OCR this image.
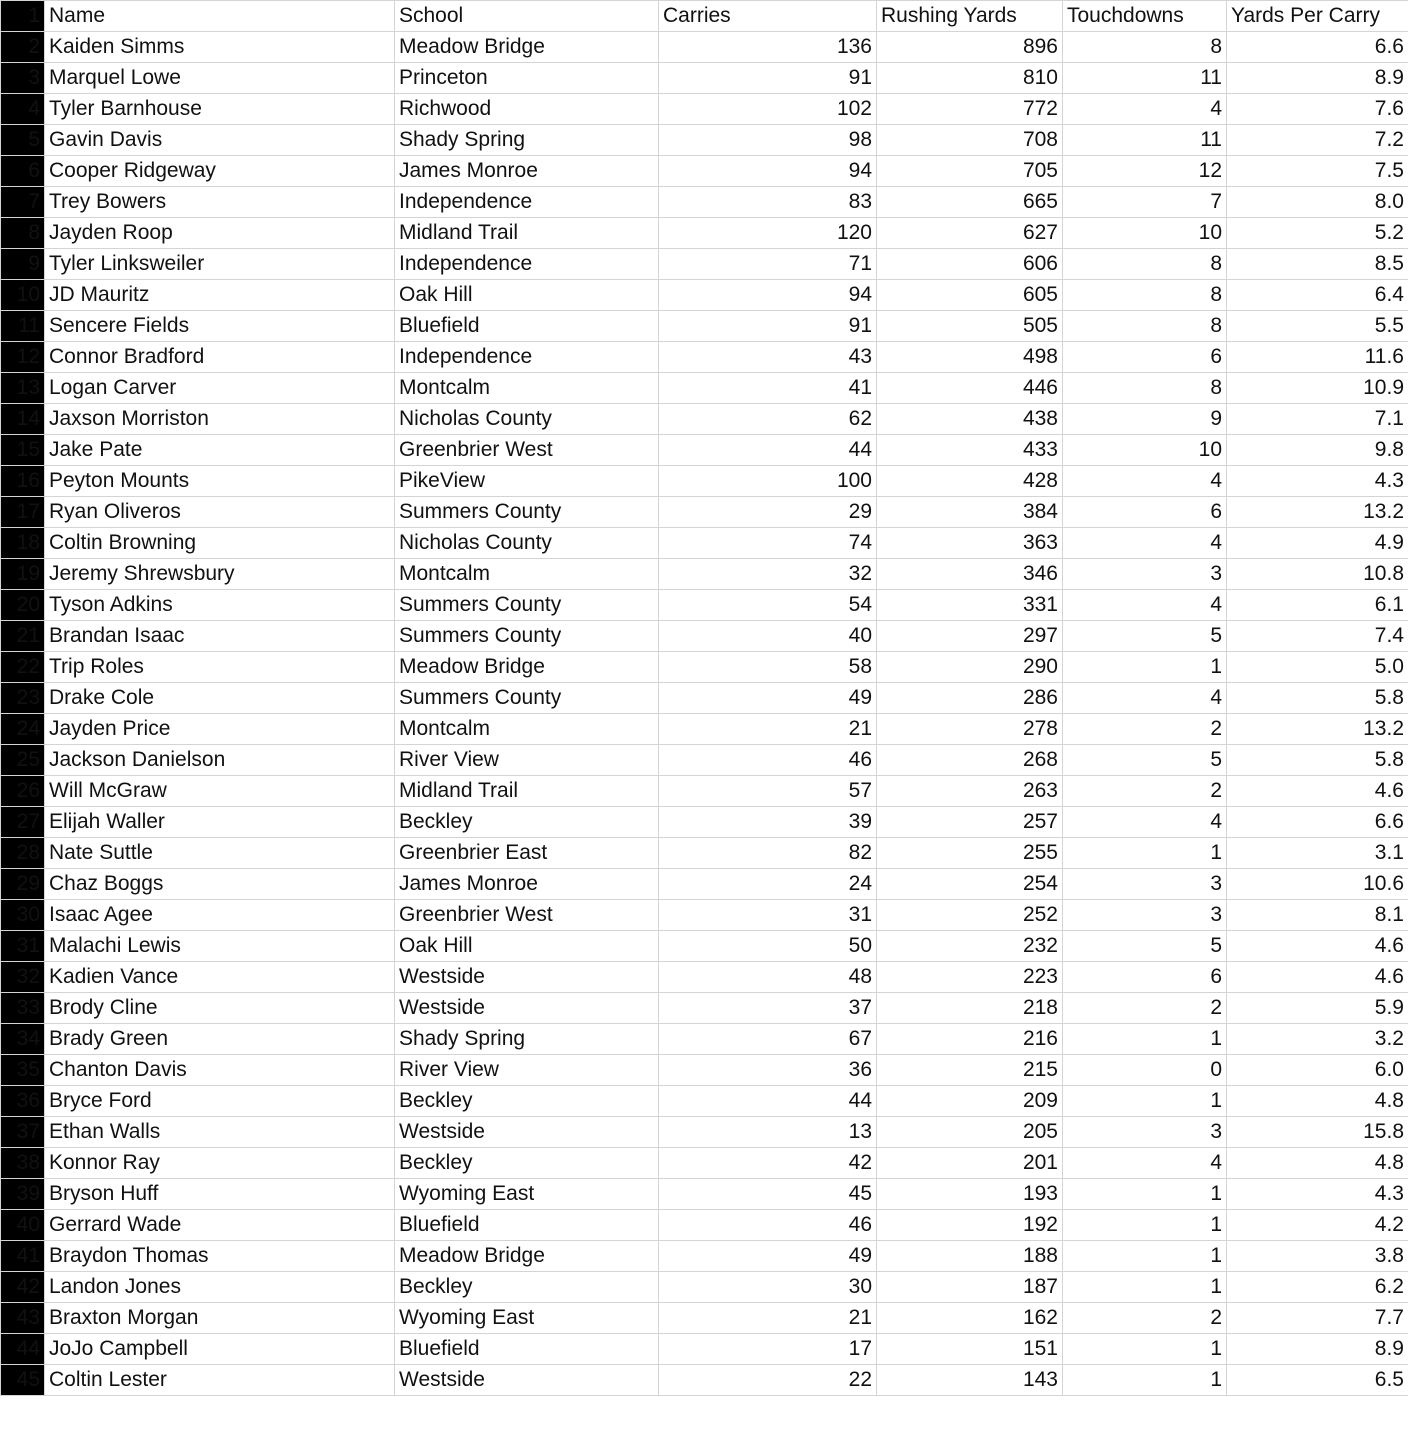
1	Name	School	Carries	Rushing Yards	Touchdowns	Yards Per Carry
2	Kaiden Simms	Meadow Bridge	136	896	8	6.6
3	Marquel Lowe	Princeton	91	810	11	8.9
4	Tyler Barnhouse	Richwood	102	772	4	7.6
5	Gavin Davis	Shady Spring	98	708	11	7.2
6	Cooper Ridgeway	James Monroe	94	705	12	7.5
7	Trey Bowers	Independence	83	665	7	8.0
8	Jayden Roop	Midland Trail	120	627	10	5.2
9	Tyler Linksweiler	Independence	71	606	8	8.5
10	JD Mauritz	Oak Hill	94	605	8	6.4
11	Sencere Fields	Bluefield	91	505	8	5.5
12	Connor Bradford	Independence	43	498	6	11.6
13	Logan Carver	Montcalm	41	446	8	10.9
14	Jaxson Morriston	Nicholas County	62	438	9	7.1
15	Jake Pate	Greenbrier West	44	433	10	9.8
16	Peyton Mounts	PikeView	100	428	4	4.3
17	Ryan Oliveros	Summers County	29	384	6	13.2
18	Coltin Browning	Nicholas County	74	363	4	4.9
19	Jeremy Shrewsbury	Montcalm	32	346	3	10.8
20	Tyson Adkins	Summers County	54	331	4	6.1
21	Brandan Isaac	Summers County	40	297	5	7.4
22	Trip Roles	Meadow Bridge	58	290	1	5.0
23	Drake Cole	Summers County	49	286	4	5.8
24	Jayden Price	Montcalm	21	278	2	13.2
25	Jackson Danielson	River View	46	268	5	5.8
26	Will McGraw	Midland Trail	57	263	2	4.6
27	Elijah Waller	Beckley	39	257	4	6.6
28	Nate Suttle	Greenbrier East	82	255	1	3.1
29	Chaz Boggs	James Monroe	24	254	3	10.6
30	Isaac Agee	Greenbrier West	31	252	3	8.1
31	Malachi Lewis	Oak Hill	50	232	5	4.6
32	Kadien Vance	Westside	48	223	6	4.6
33	Brody Cline	Westside	37	218	2	5.9
34	Brady Green	Shady Spring	67	216	1	3.2
35	Chanton Davis	River View	36	215	0	6.0
36	Bryce Ford	Beckley	44	209	1	4.8
37	Ethan Walls	Westside	13	205	3	15.8
38	Konnor Ray	Beckley	42	201	4	4.8
39	Bryson Huff	Wyoming East	45	193	1	4.3
40	Gerrard Wade	Bluefield	46	192	1	4.2
41	Braydon Thomas	Meadow Bridge	49	188	1	3.8
42	Landon Jones	Beckley	30	187	1	6.2
43	Braxton Morgan	Wyoming East	21	162	2	7.7
44	JoJo Campbell	Bluefield	17	151	1	8.9
45	Coltin Lester	Westside	22	143	1	6.5
